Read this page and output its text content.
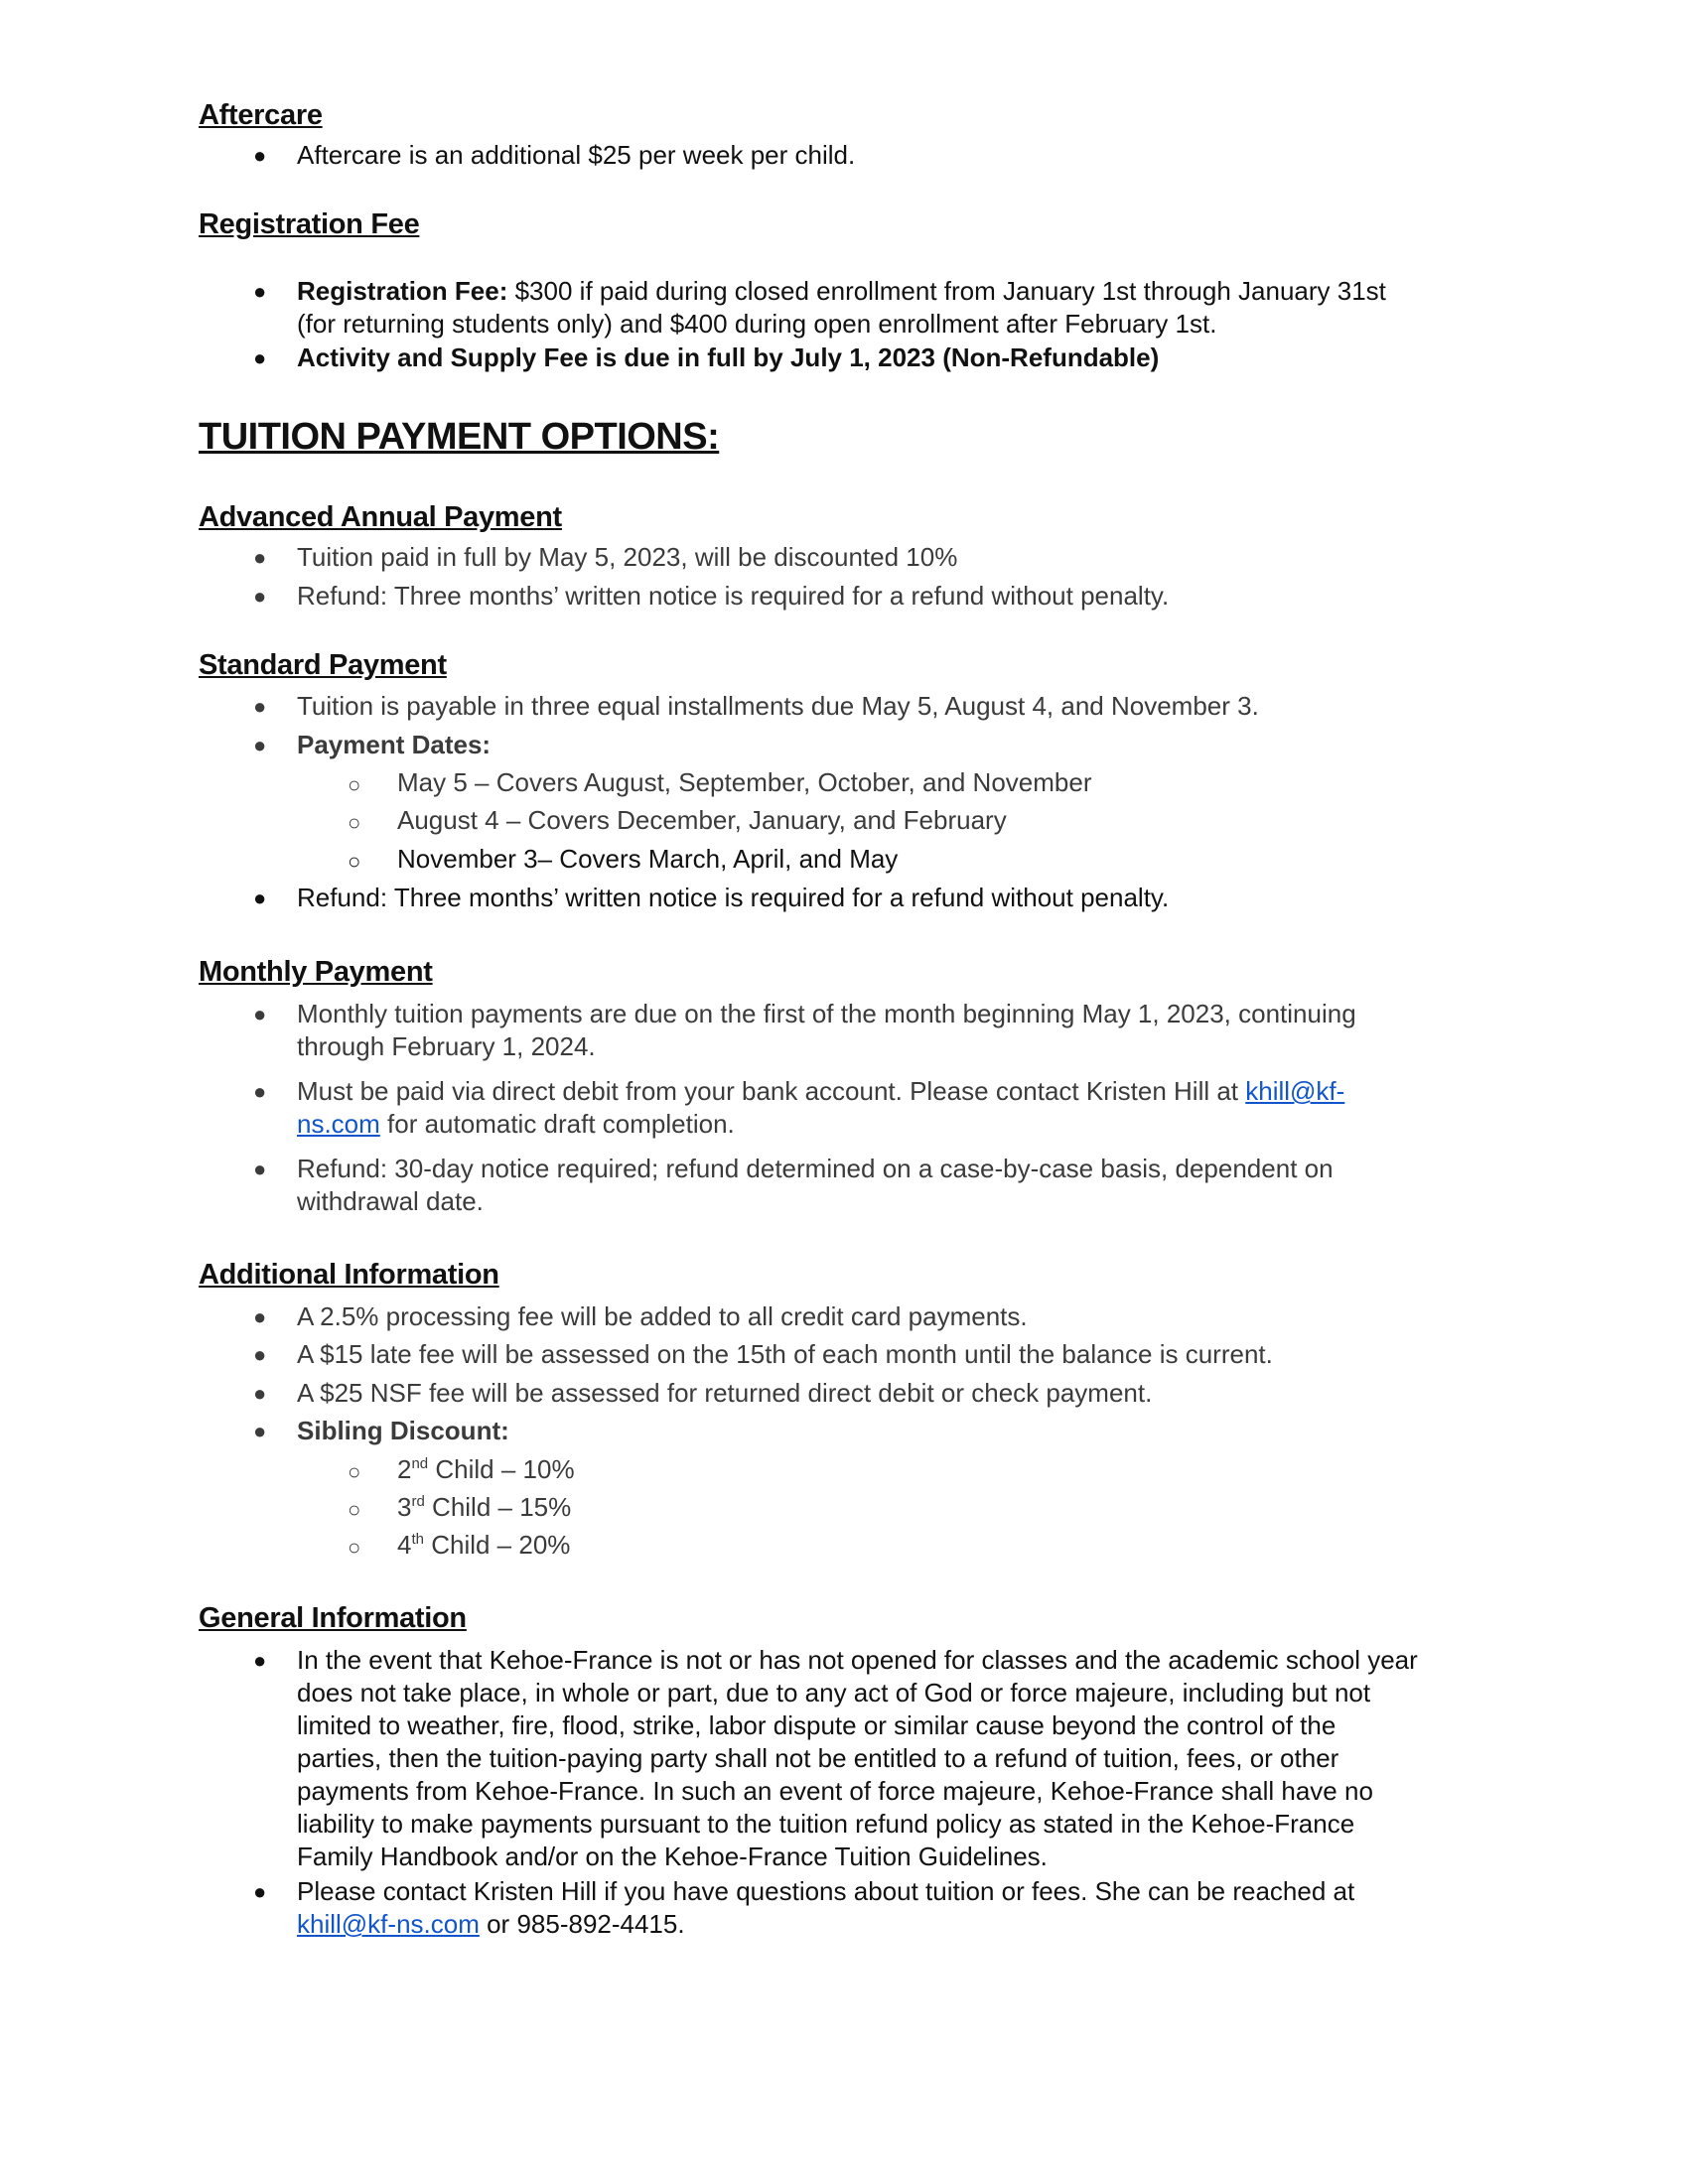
Aftercare
● Aftercare is an additional $25 per week per child.
Registration Fee
● Registration Fee: $300 if paid during closed enrollment from January 1st through January 31st
(for returning students only) and $400 during open enrollment after February 1st.
● Activity and Supply Fee is due in full by July 1, 2023 (Non-Refundable)
TUITION PAYMENT OPTIONS:
Advanced Annual Payment
● Tuition paid in full by May 5, 2023, will be discounted 10%
● Refund: Three months’ written notice is required for a refund without penalty.
Standard Payment
● Tuition is payable in three equal installments due May 5, August 4, and November 3.
● Payment Dates:
○ May 5 – Covers August, September, October, and November
○ August 4 – Covers December, January, and February
○ November 3– Covers March, April, and May
● Refund: Three months’ written notice is required for a refund without penalty.
Monthly Payment
● Monthly tuition payments are due on the first of the month beginning May 1, 2023, continuing
through February 1, 2024.
● Must be paid via direct debit from your bank account. Please contact Kristen Hill at khill@kf-
ns.com for automatic draft completion.
● Refund: 30-day notice required; refund determined on a case-by-case basis, dependent on
withdrawal date.
Additional Information
● A 2.5% processing fee will be added to all credit card payments.
● A $15 late fee will be assessed on the 15th of each month until the balance is current.
● A $25 NSF fee will be assessed for returned direct debit or check payment.
● Sibling Discount:
○ 2nd Child – 10%
○ 3rd Child – 15%
○ 4th Child – 20%
General Information
● In the event that Kehoe-France is not or has not opened for classes and the academic school year
does not take place, in whole or part, due to any act of God or force majeure, including but not
limited to weather, fire, flood, strike, labor dispute or similar cause beyond the control of the
parties, then the tuition-paying party shall not be entitled to a refund of tuition, fees, or other
payments from Kehoe-France. In such an event of force majeure, Kehoe-France shall have no
liability to make payments pursuant to the tuition refund policy as stated in the Kehoe-France
Family Handbook and/or on the Kehoe-France Tuition Guidelines.
● Please contact Kristen Hill if you have questions about tuition or fees. She can be reached at
khill@kf-ns.com or 985-892-4415.
